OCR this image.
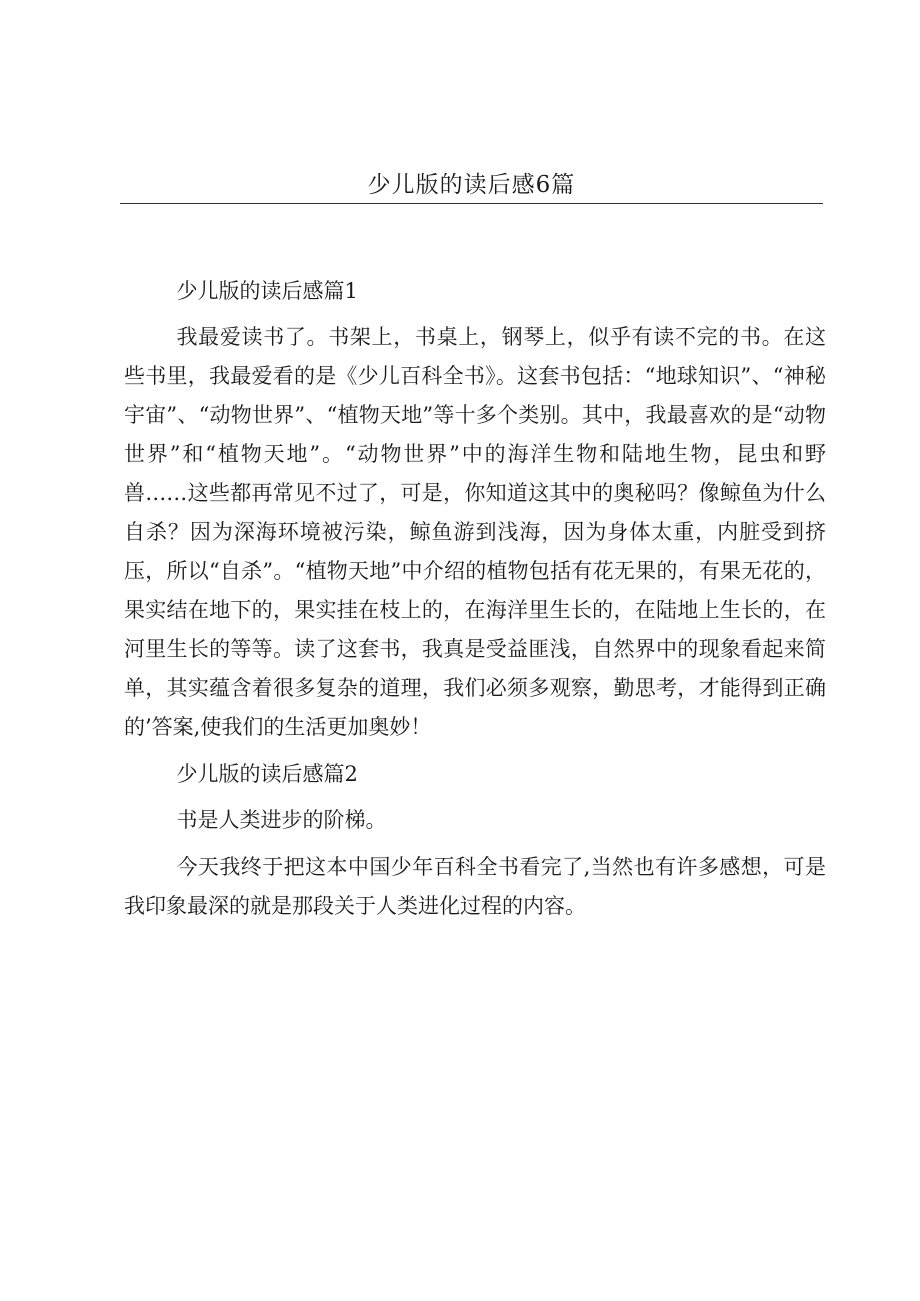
少儿版的读后感6篇

少儿版的读后感篇1

我最爱读书了。书架上，书桌上，钢琴上，似乎有读不完的书。在这些书里，我最爱看的是《少儿百科全书》。这套书包括：“地球知识”、“神秘宇宙”、“动物世界”、“植物天地”等十多个类别。其中，我最喜欢的是“动物世界”和“植物天地”。“动物世界”中的海洋生物和陆地生物，昆虫和野兽……这些都再常见不过了，可是，你知道这其中的奥秘吗？像鲸鱼为什么自杀？因为深海环境被污染，鲸鱼游到浅海，因为身体太重，内脏受到挤压，所以“自杀”。“植物天地”中介绍的植物包括有花无果的，有果无花的，果实结在地下的，果实挂在枝上的，在海洋里生长的，在陆地上生长的，在河里生长的等等。读了这套书，我真是受益匪浅，自然界中的现象看起来简单，其实蕴含着很多复杂的道理，我们必须多观察，勤思考，才能得到正确的’答案,使我们的生活更加奥妙！

少儿版的读后感篇2

书是人类进步的阶梯。

今天我终于把这本中国少年百科全书看完了,当然也有许多感想，可是我印象最深的就是那段关于人类进化过程的内容。
